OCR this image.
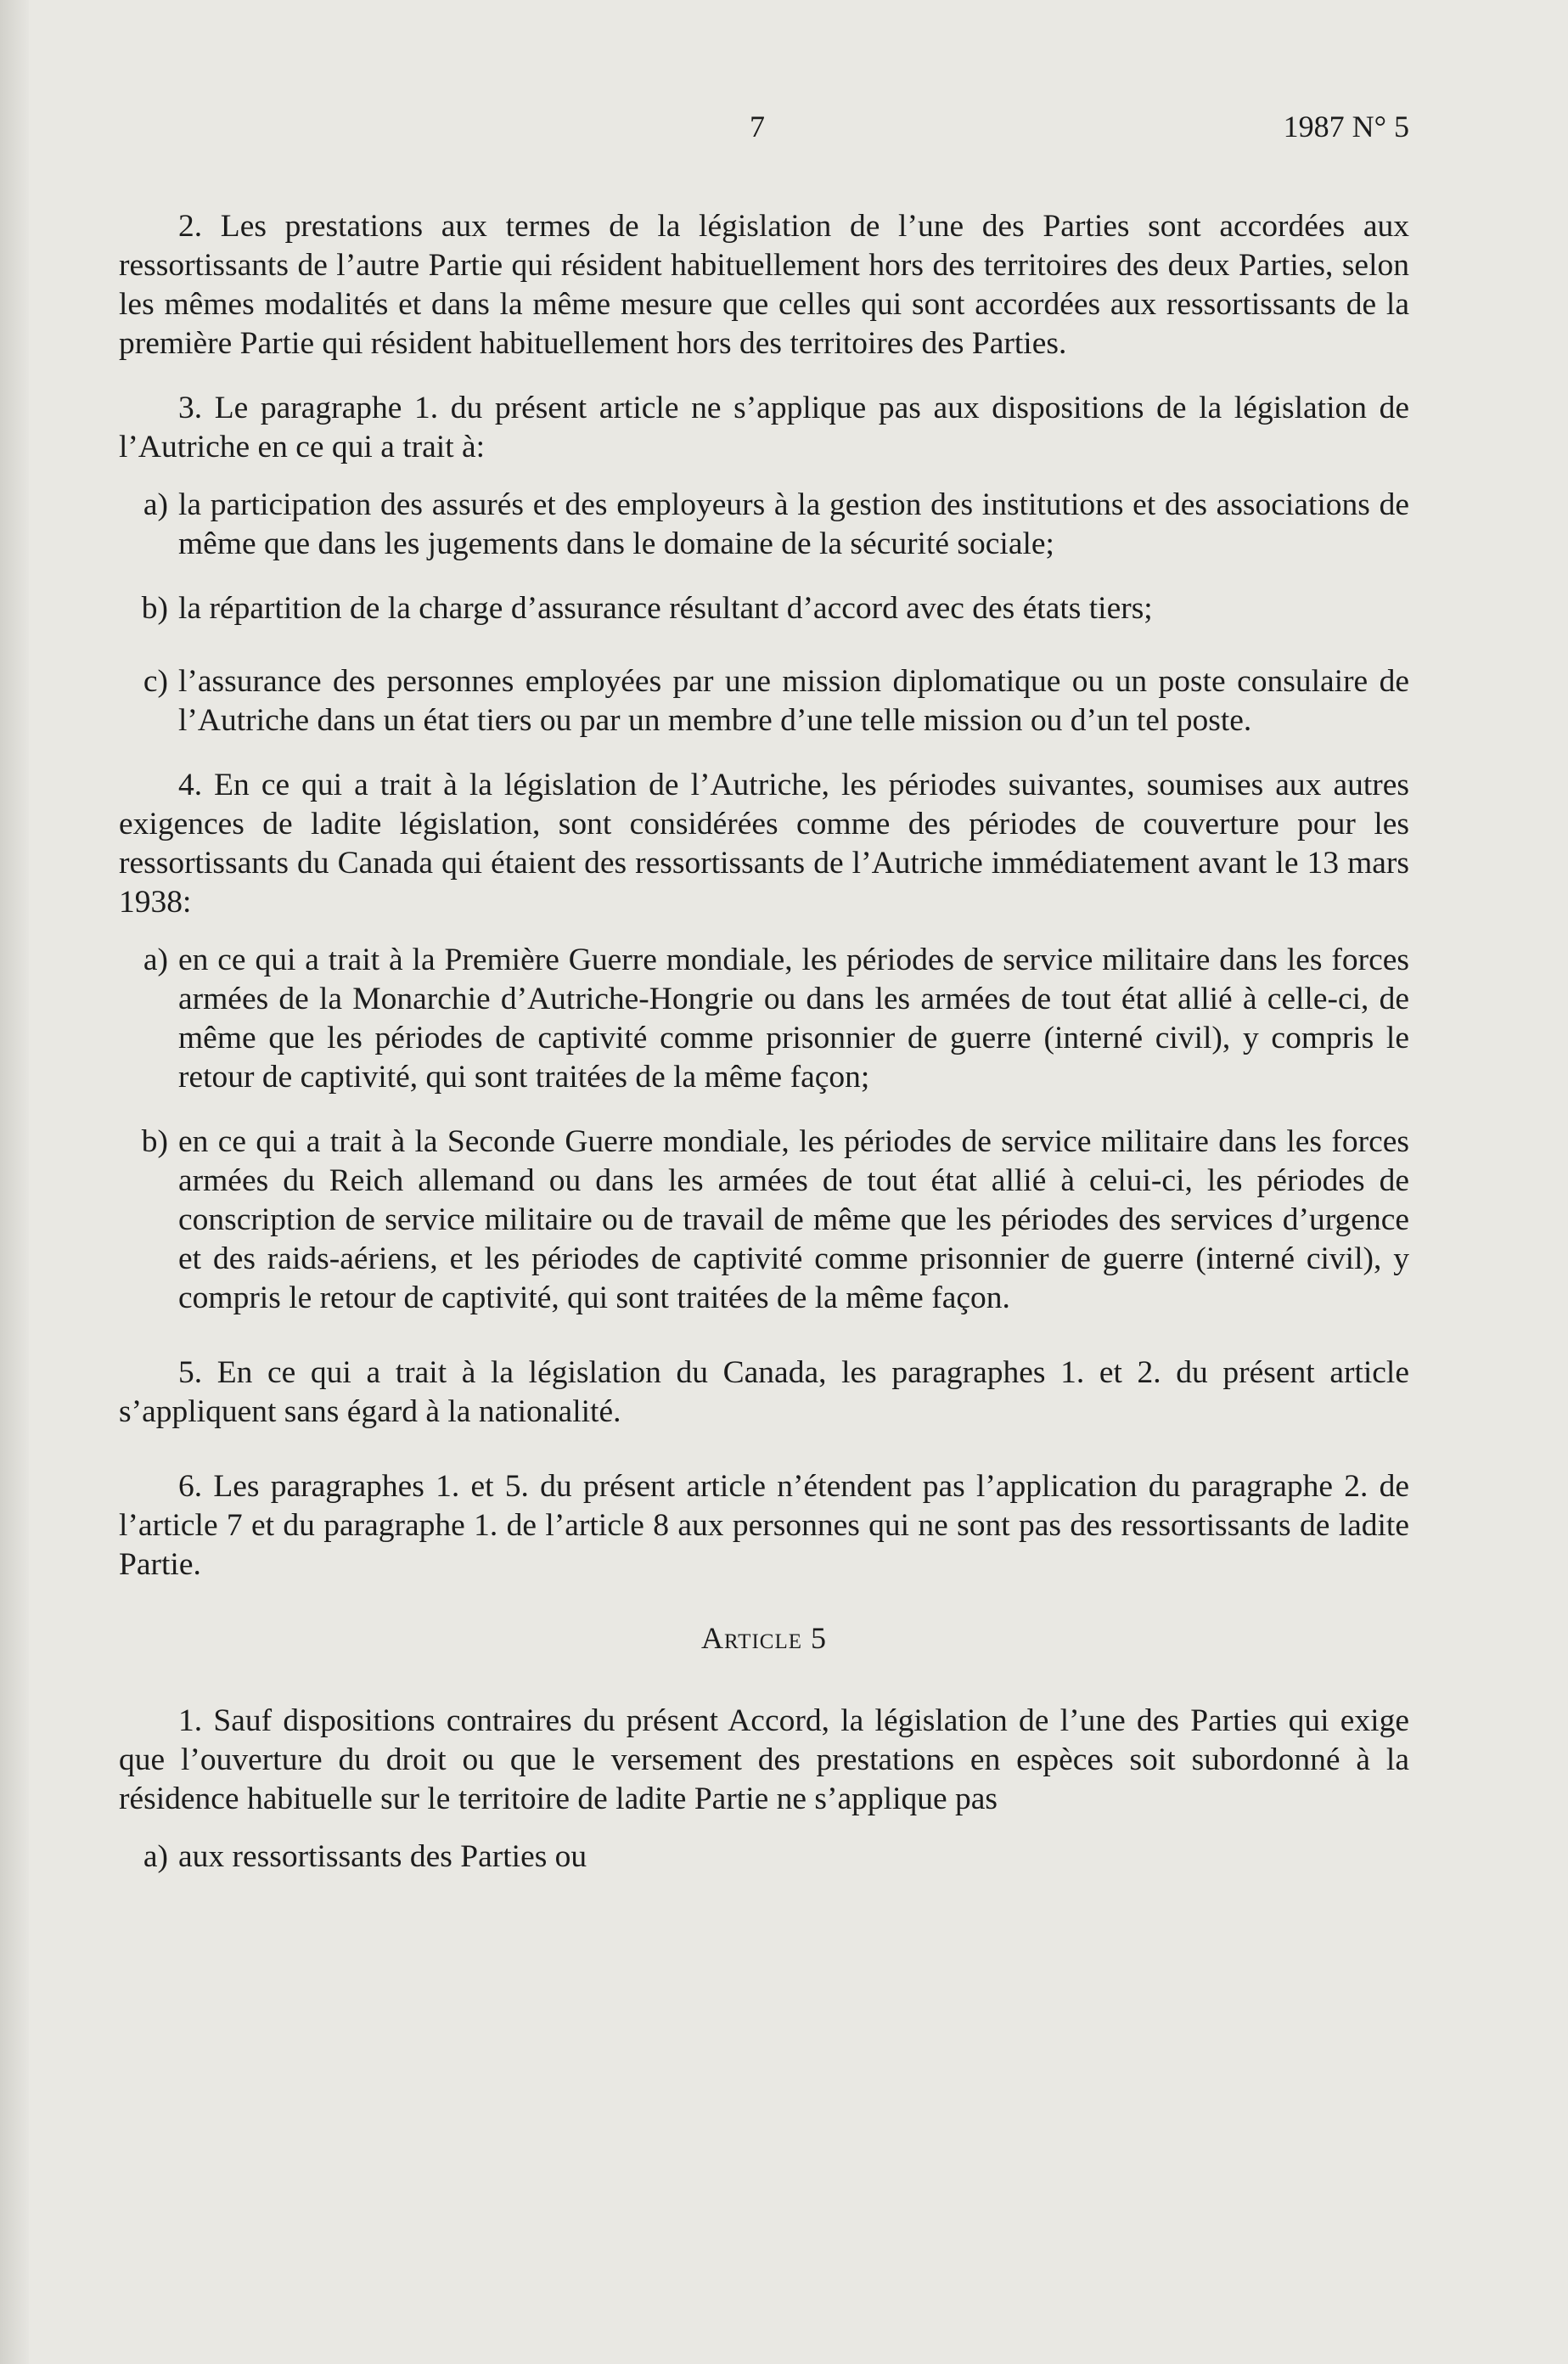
7	1987 N° 5

2. Les prestations aux termes de la législation de l’une des Parties sont accordées aux ressortissants de l’autre Partie qui résident habituellement hors des territoires des deux Parties, selon les mêmes modalités et dans la même mesure que celles qui sont accordées aux ressortissants de la première Partie qui résident habituellement hors des territoires des Parties.

3. Le paragraphe 1. du présent article ne s’applique pas aux dispositions de la législation de l’Autriche en ce qui a trait à:

a) la participation des assurés et des employeurs à la gestion des institutions et des associations de même que dans les jugements dans le domaine de la sécurité sociale;
b) la répartition de la charge d’assurance résultant d’accord avec des états tiers;
c) l’assurance des personnes employées par une mission diplomatique ou un poste consulaire de l’Autriche dans un état tiers ou par un membre d’une telle mission ou d’un tel poste.

4. En ce qui a trait à la législation de l’Autriche, les périodes suivantes, soumises aux autres exigences de ladite législation, sont considérées comme des périodes de couverture pour les ressortissants du Canada qui étaient des ressortissants de l’Autriche immédiatement avant le 13 mars 1938:

a) en ce qui a trait à la Première Guerre mondiale, les périodes de service militaire dans les forces armées de la Monarchie d’Autriche-Hongrie ou dans les armées de tout état allié à celle-ci, de même que les périodes de captivité comme prisonnier de guerre (interné civil), y compris le retour de captivité, qui sont traitées de la même façon;
b) en ce qui a trait à la Seconde Guerre mondiale, les périodes de service militaire dans les forces armées du Reich allemand ou dans les armées de tout état allié à celui-ci, les périodes de conscription de service militaire ou de travail de même que les périodes des services d’urgence et des raids-aériens, et les périodes de captivité comme prisonnier de guerre (interné civil), y compris le retour de captivité, qui sont traitées de la même façon.

5. En ce qui a trait à la législation du Canada, les paragraphes 1. et 2. du présent article s’appliquent sans égard à la nationalité.

6. Les paragraphes 1. et 5. du présent article n’étendent pas l’application du paragraphe 2. de l’article 7 et du paragraphe 1. de l’article 8 aux personnes qui ne sont pas des ressortissants de ladite Partie.

Article 5

1. Sauf dispositions contraires du présent Accord, la législation de l’une des Parties qui exige que l’ouverture du droit ou que le versement des prestations en espèces soit subordonné à la résidence habituelle sur le territoire de ladite Partie ne s’applique pas

a) aux ressortissants des Parties ou
